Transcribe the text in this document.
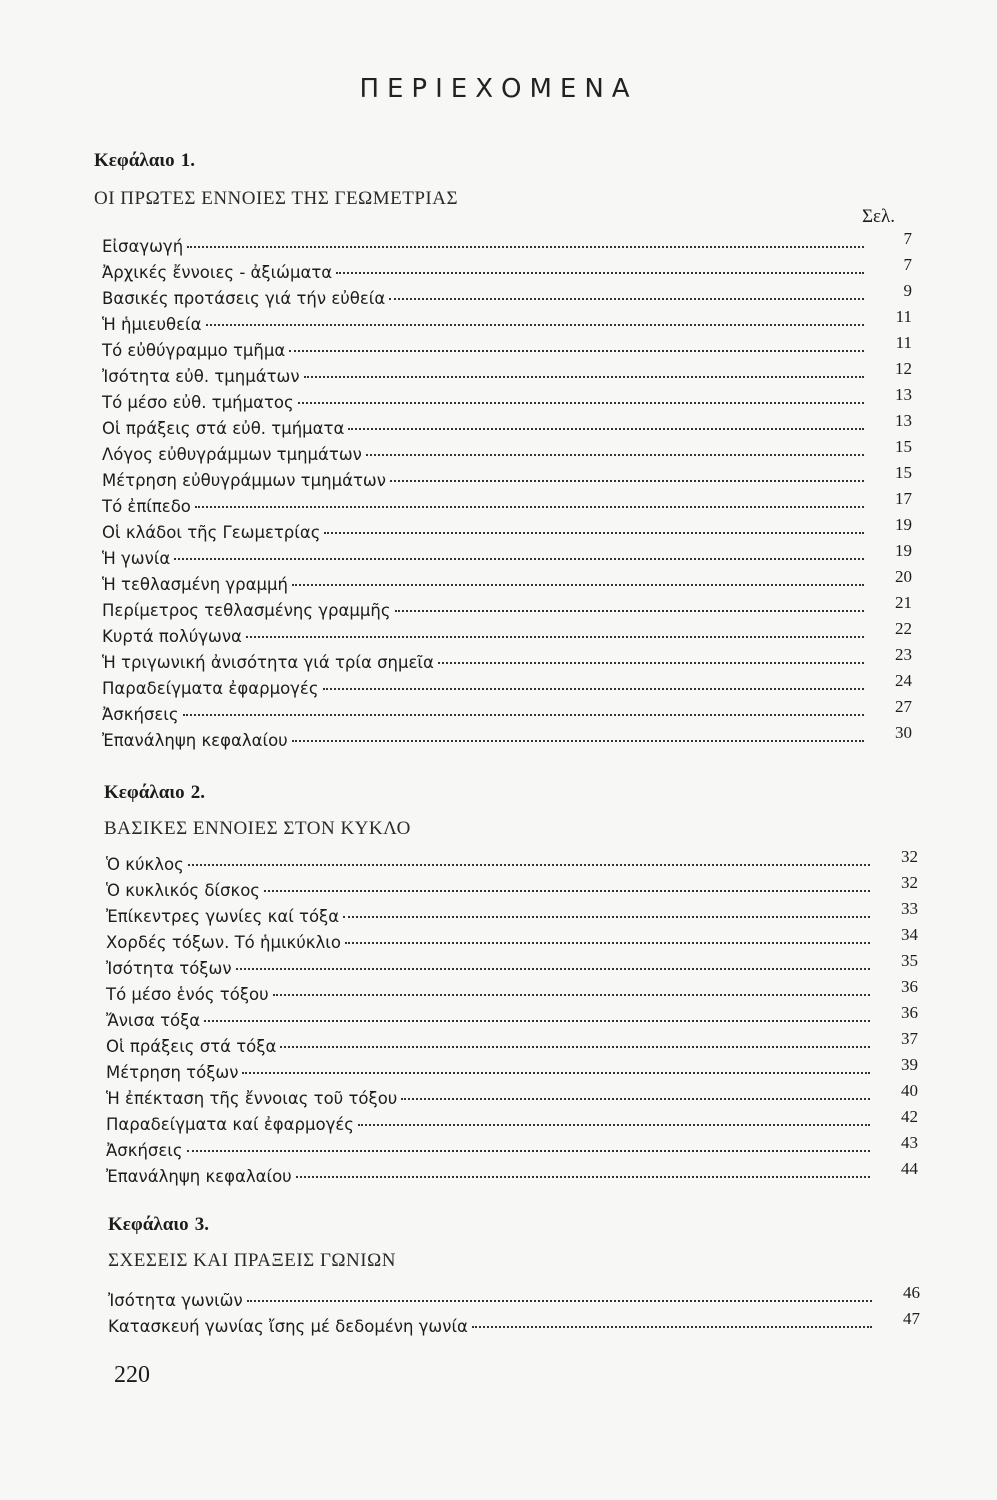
ΠΕΡΙΕΧΟΜΕΝΑ
Κεφάλαιο 1.
ΟΙ ΠΡΩΤΕΣ ΕΝΝΟΙΕΣ ΤΗΣ ΓΕΩΜΕΤΡΙΑΣ
Σελ.
Εἰσαγωγή	7
Ἀρχικές ἔννοιες - ἀξιώματα	7
Βασικές προτάσεις γιά τήν εὐθεία	9
Ἡ ἡμιευθεία	11
Τό εὐθύγραμμο τμῆμα	11
Ἰσότητα εὐθ. τμημάτων	12
Τό μέσο εὐθ. τμήματος	13
Οἱ πράξεις στά εὐθ. τμήματα	13
Λόγος εὐθυγράμμων τμημάτων	15
Μέτρηση εὐθυγράμμων τμημάτων	15
Τό ἐπίπεδο	17
Οἱ κλάδοι τῆς Γεωμετρίας	19
Ἡ γωνία	19
Ἡ τεθλασμένη γραμμή	20
Περίμετρος τεθλασμένης γραμμῆς	21
Κυρτά πολύγωνα	22
Ἡ τριγωνική ἀνισότητα γιά τρία σημεῖα	23
Παραδείγματα ἐφαρμογές	24
Ἀσκήσεις	27
Ἐπανάληψη κεφαλαίου	30
Κεφάλαιο 2.
ΒΑΣΙΚΕΣ ΕΝΝΟΙΕΣ ΣΤΟΝ ΚΥΚΛΟ
Ὁ κύκλος	32
Ὁ κυκλικός δίσκος	32
Ἐπίκεντρες γωνίες καί τόξα	33
Χορδές τόξων. Τό ἡμικύκλιο	34
Ἰσότητα τόξων	35
Τό μέσο ἑνός τόξου	36
Ἄνισα τόξα	36
Οἱ πράξεις στά τόξα	37
Μέτρηση τόξων	39
Ἡ ἐπέκταση τῆς ἔννοιας τοῦ τόξου	40
Παραδείγματα καί ἐφαρμογές	42
Ἀσκήσεις	43
Ἐπανάληψη κεφαλαίου	44
Κεφάλαιο 3.
ΣΧΕΣΕΙΣ ΚΑΙ ΠΡΑΞΕΙΣ ΓΩΝΙΩΝ
Ἰσότητα γωνιῶν	46
Κατασκευή γωνίας ἴσης μέ δεδομένη γωνία	47
220
